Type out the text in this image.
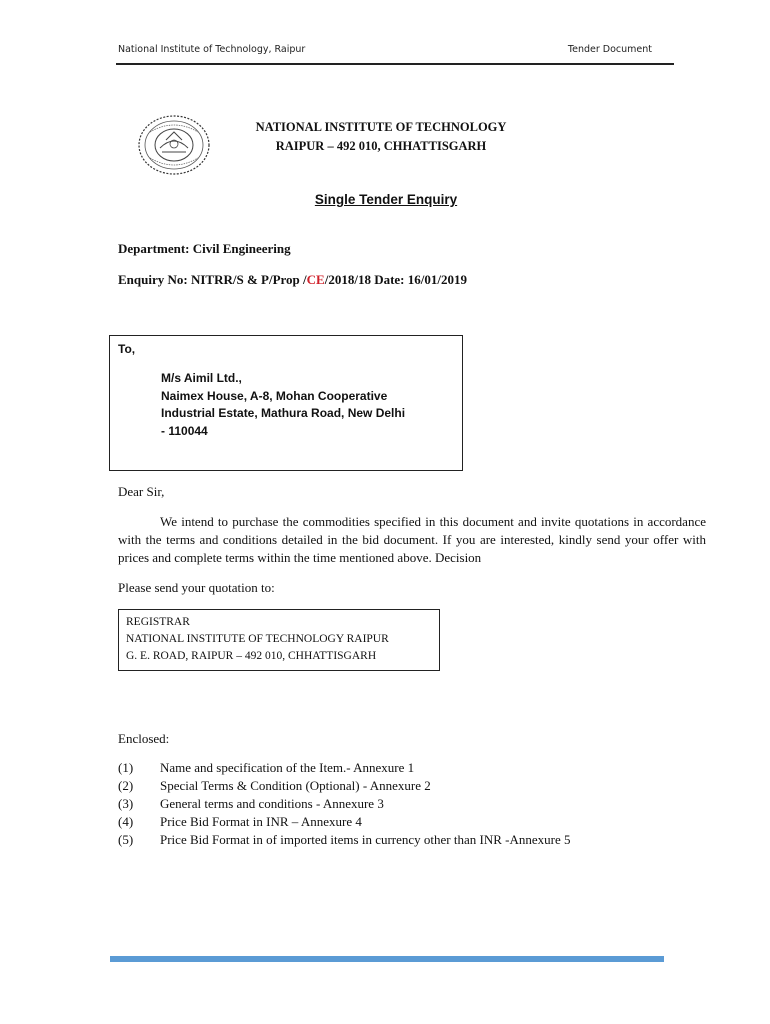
National Institute of Technology, Raipur	Tender Document
NATIONAL INSTITUTE OF TECHNOLOGY
RAIPUR – 492 010, CHHATTISGARH
Single Tender Enquiry
Department: Civil Engineering
Enquiry No: NITRR/S & P/Prop /CE/2018/18 Date: 16/01/2019
To,
M/s Aimil Ltd.,
Naimex House, A-8, Mohan Cooperative
Industrial Estate, Mathura Road, New Delhi
- 110044
Dear Sir,
We intend to purchase the commodities specified in this document and invite quotations in accordance with the terms and conditions detailed in the bid document. If you are interested, kindly send your offer with prices and complete terms within the time mentioned above. Decision
Please send your quotation to:
REGISTRAR
NATIONAL INSTITUTE OF TECHNOLOGY RAIPUR
G. E. ROAD, RAIPUR – 492 010, CHHATTISGARH
Enclosed:
(1) Name and specification of the Item.- Annexure 1
(2) Special Terms & Condition (Optional) - Annexure 2
(3) General terms and conditions - Annexure 3
(4) Price Bid Format in INR – Annexure 4
(5) Price Bid Format in of imported items in currency other than INR -Annexure 5
